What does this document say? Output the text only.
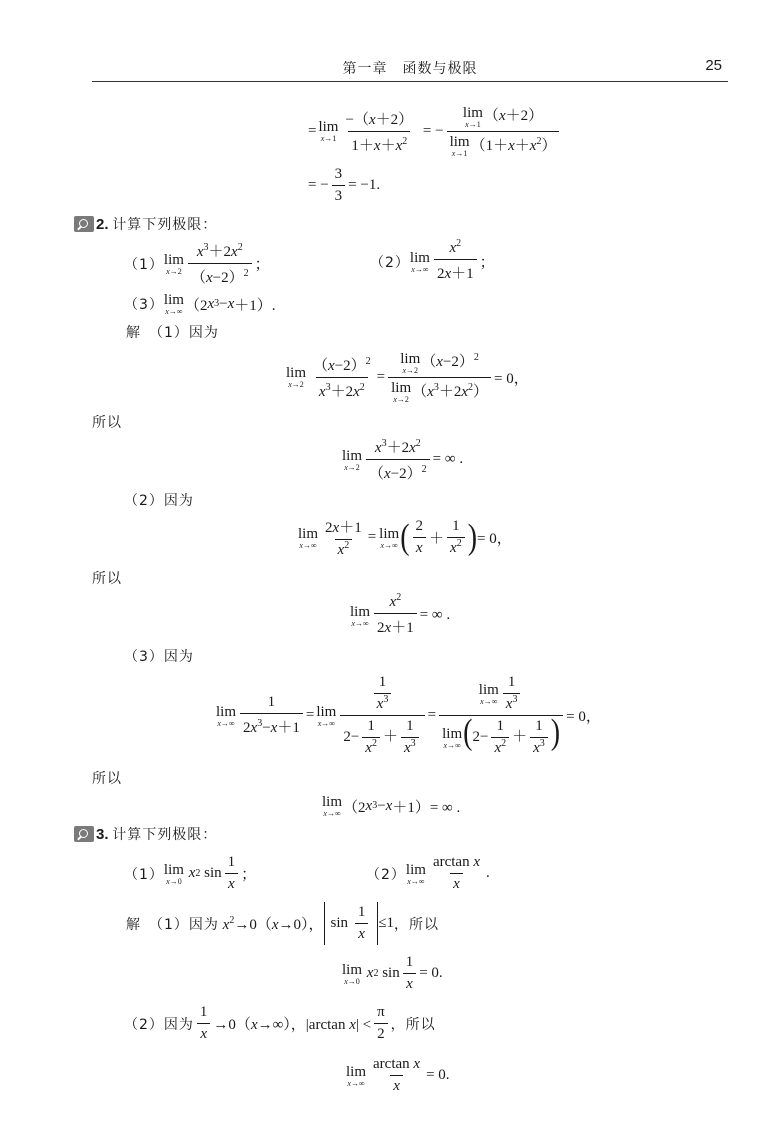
第一章　函数与极限	25
= lim
$x\to 1 \frac{-(x+2)}{1+x+x^2}$ = − lim
x→1
（x＋2）
lim
x→1
$(1+x+x^2)$
= − $\frac{3}{3} = -1$.
2. 计算下列极限：
（1） lim
$x\to 2 \frac{x^3+2x^2}{(x-2)^2}$ ；	（2） lim
$x\to\infty \frac{x^2}{2x+1}$ ；
（3） lim
x→∞ （2 x 3 − x ＋1）.
解　（1）因为
lim
$x\to 2 \frac{(x-2)^2}{x^3+2x^2} = \lim$
x→2
$(x-2)^2$
lim
x→2
$(x^3+2x^2) = 0$，
所以
lim
$x\to 2 \frac{x^3+2x^2}{(x-2)^2}$ = ∞ .
（2）因为
lim
$x\to\infty \frac{2x+1}{x^2} = \lim$
x→∞ ( $\frac{2}{x} + \frac{1}{x^2}$ ) = 0，
所以
lim
$x\to\infty \frac{x^2}{2x+1}$ = ∞ .
（3）因为
lim
$x\to\infty \frac{1}{2x^3-x+1} = \lim$
$x\to\infty \frac{\frac{1}{x^3}}{2- \frac{1}{x^2} + \frac{1}{x^3}} = \lim$
$x\to\infty \frac{1}{x^3}$
lim
x→∞ ($2- \frac{1}{x^2} + \frac{1}{x^3}$ ) = 0，
所以
lim
x→∞ （2 x 3 − x ＋1）= ∞ .
3. 计算下列极限：
（1） lim
x→0
x 2 $\sin \frac{1}{x}$ ；	（2） lim
$x\to\infty \frac{\text{arctan x}}{x}$ .
解　（1）因为 $x^2\to 0(x\to 0)$， $\sin \frac{1}{x} \le 1$ ，所以
lim
x→0
x 2 $\sin \frac{1}{x} = 0$.
（2）因为 $\frac{1}{x} \to 0(x\to\infty)$，|arctan $x| < \frac{\pi}{2}$ ，所以
lim
$x\to\infty \frac{\text{arctan x}}{x} = 0$.
